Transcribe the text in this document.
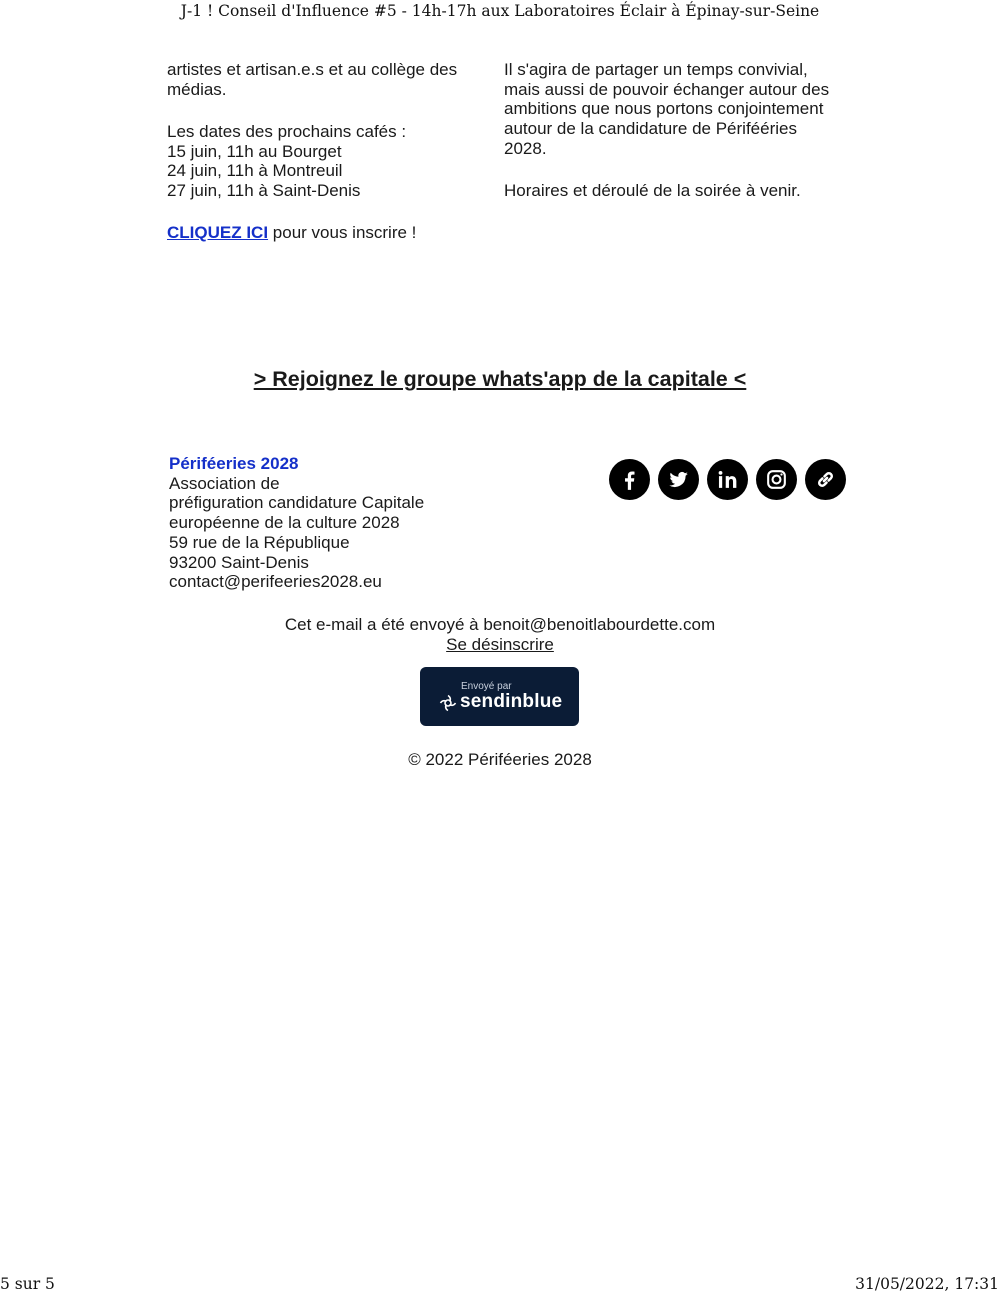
J-1 ! Conseil d'Influence #5 - 14h-17h aux Laboratoires Éclair à Épinay-sur-Seine

artistes et artisan.e.s et au collège des

médias.

Les dates des prochains cafés :

15 juin, 11h au Bourget

24 juin, 11h à Montreuil

27 juin, 11h à Saint-Denis

CLIQUEZ ICI pour vous inscrire !

Il s'agira de partager un temps convivial,

mais aussi de pouvoir échanger autour des

ambitions que nous portons conjointement

autour de la candidature de Périfééries

2028.

Horaires et déroulé de la soirée à venir.

> Rejoignez le groupe whats'app de la capitale <
Périféeries 2028
Association de
préfiguration candidature Capitale
européenne de la culture 2028
59 rue de la République
93200 Saint-Denis
contact@perifeeries2028.eu
Cet e-mail a été envoyé à benoit@benoitlabourdette.com
Se désinscrire
Envoyé par
sendinblue
© 2022 Périféeries 2028
5 sur 5	31/05/2022, 17:31
